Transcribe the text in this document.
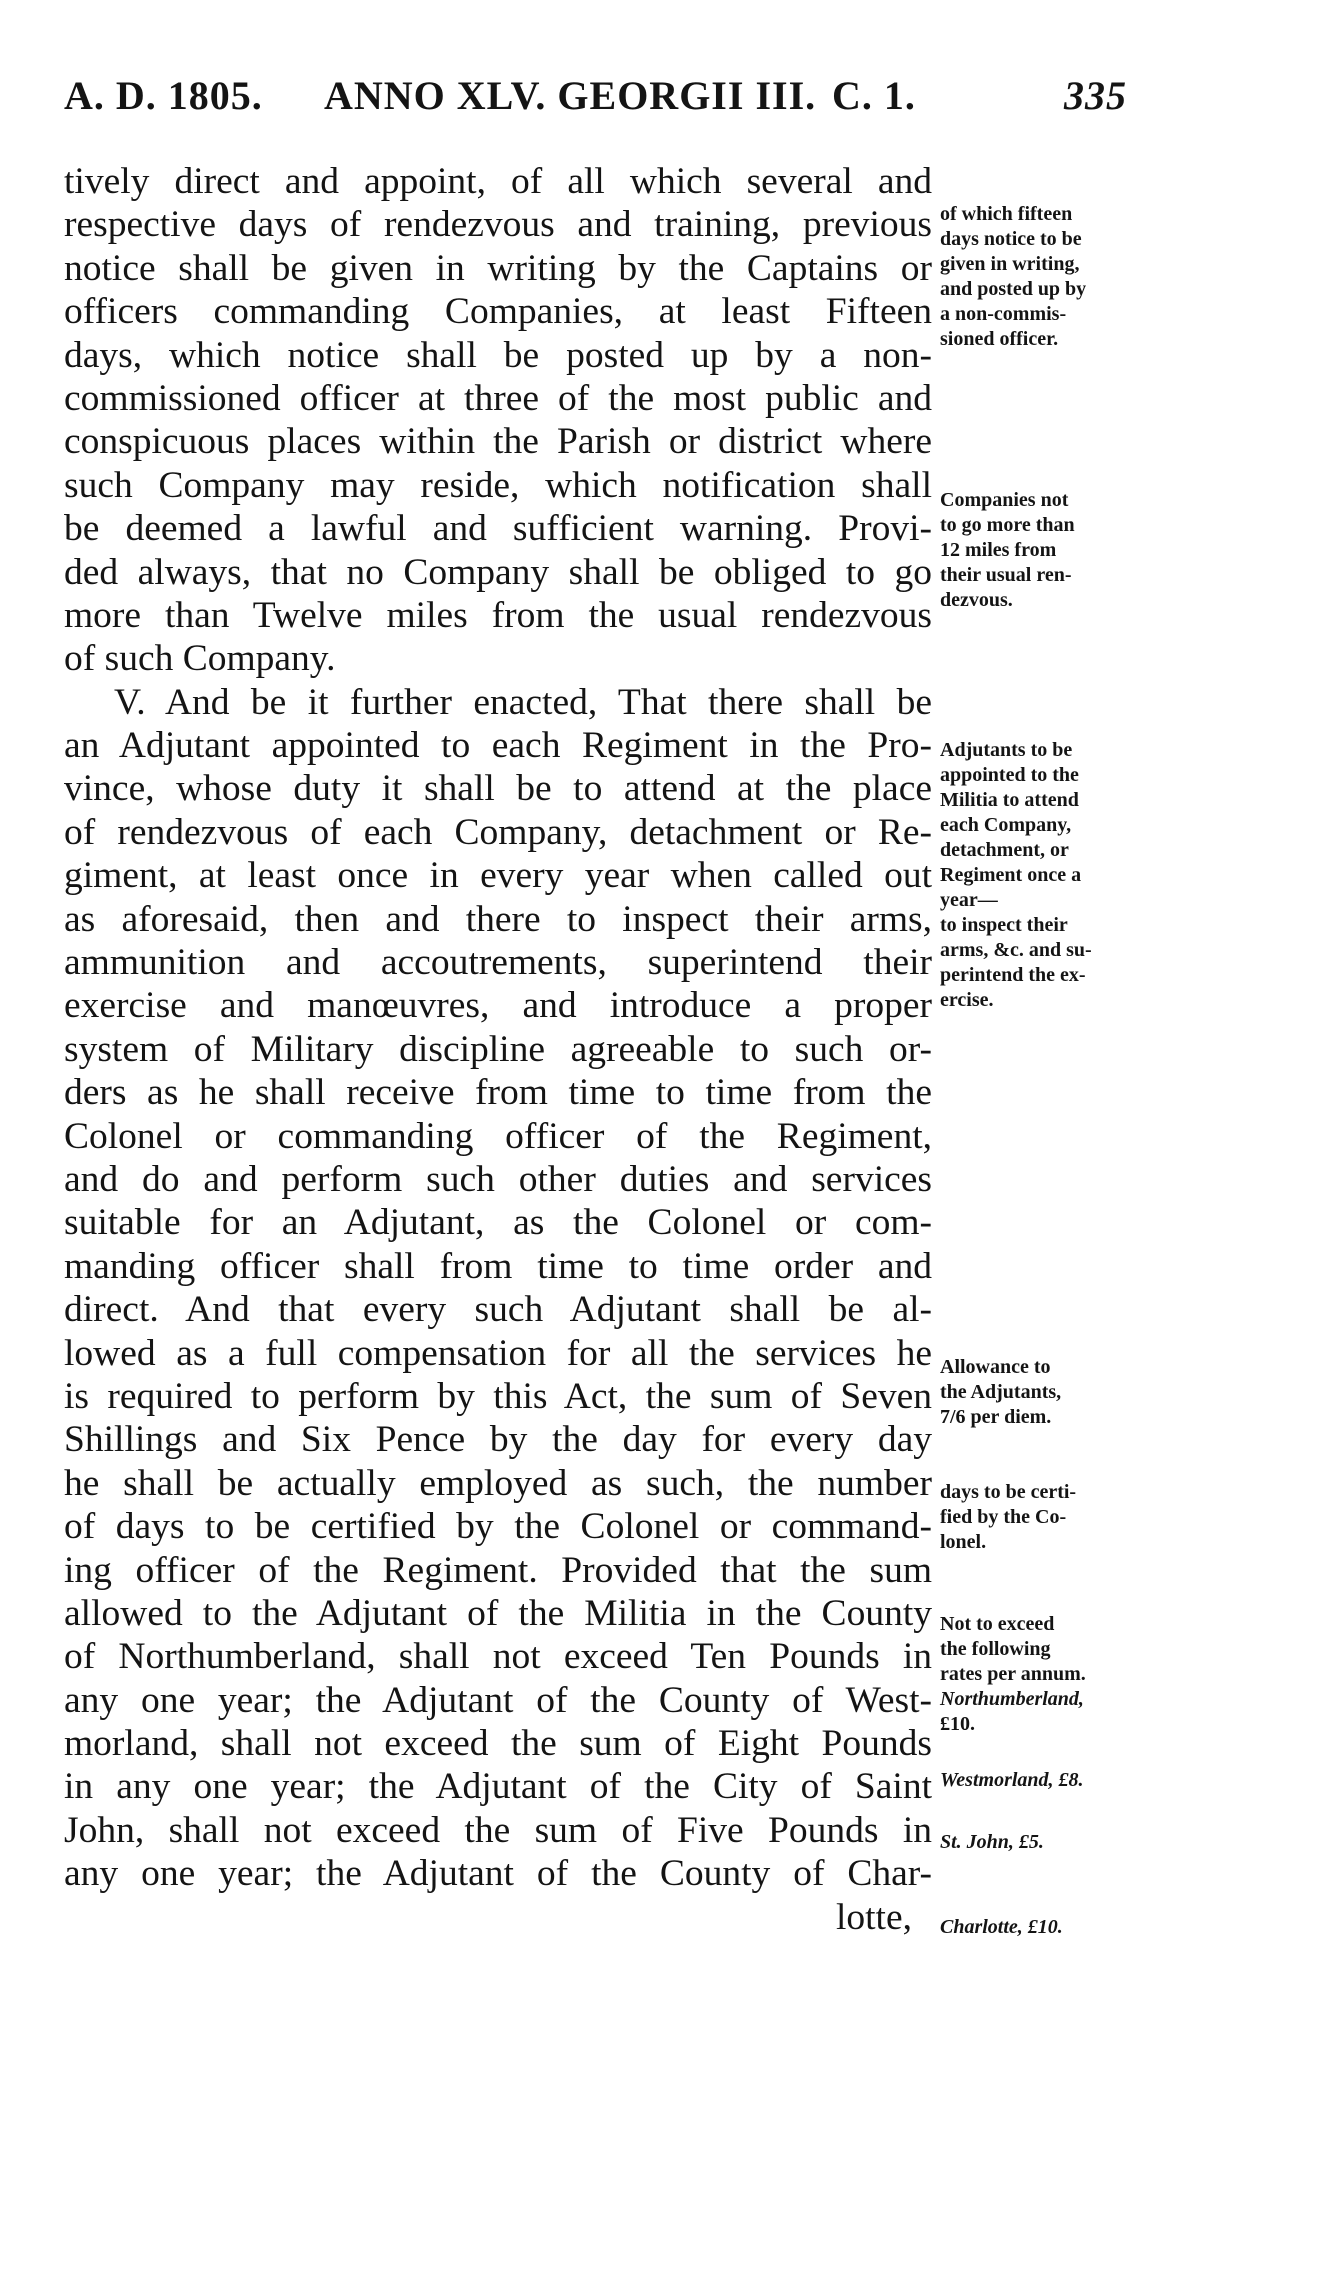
A. D. 1805. ANNO XLV. GEORGII III. C. 1.	335
tively direct and appoint, of all which several and
respective days of rendezvous and training, previous
notice shall be given in writing by the Captains or
officers commanding Companies, at least Fifteen
days, which notice shall be posted up by a non-
commissioned officer at three of the most public and
conspicuous places within the Parish or district where
such Company may reside, which notification shall
be deemed a lawful and sufficient warning. Provi-
ded always, that no Company shall be obliged to go
more than Twelve miles from the usual rendezvous
of such Company.
V. And be it further enacted, That there shall be
an Adjutant appointed to each Regiment in the Pro-
vince, whose duty it shall be to attend at the place
of rendezvous of each Company, detachment or Re-
giment, at least once in every year when called out
as aforesaid, then and there to inspect their arms,
ammunition and accoutrements, superintend their
exercise and manœuvres, and introduce a proper
system of Military discipline agreeable to such or-
ders as he shall receive from time to time from the
Colonel or commanding officer of the Regiment,
and do and perform such other duties and services
suitable for an Adjutant, as the Colonel or com-
manding officer shall from time to time order and
direct. And that every such Adjutant shall be al-
lowed as a full compensation for all the services he
is required to perform by this Act, the sum of Seven
Shillings and Six Pence by the day for every day
he shall be actually employed as such, the number
of days to be certified by the Colonel or command-
ing officer of the Regiment. Provided that the sum
allowed to the Adjutant of the Militia in the County
of Northumberland, shall not exceed Ten Pounds in
any one year; the Adjutant of the County of West-
morland, shall not exceed the sum of Eight Pounds
in any one year; the Adjutant of the City of Saint
John, shall not exceed the sum of Five Pounds in
any one year; the Adjutant of the County of Char-
lotte,
of which fifteen
days notice to be
given in writing,
and posted up by
a non-commis-
sioned officer.
Companies not
to go more than
12 miles from
their usual ren-
dezvous.
Adjutants to be
appointed to the
Militia to attend
each Company,
detachment, or
Regiment once a
year—
to inspect their
arms, &c. and su-
perintend the ex-
ercise.
Allowance to
the Adjutants,
7/6 per diem.
days to be certi-
fied by the Co-
lonel.
Not to exceed
the following
rates per annum.
Northumberland,
£10.
Westmorland, £8.
St. John, £5.
Charlotte, £10.
